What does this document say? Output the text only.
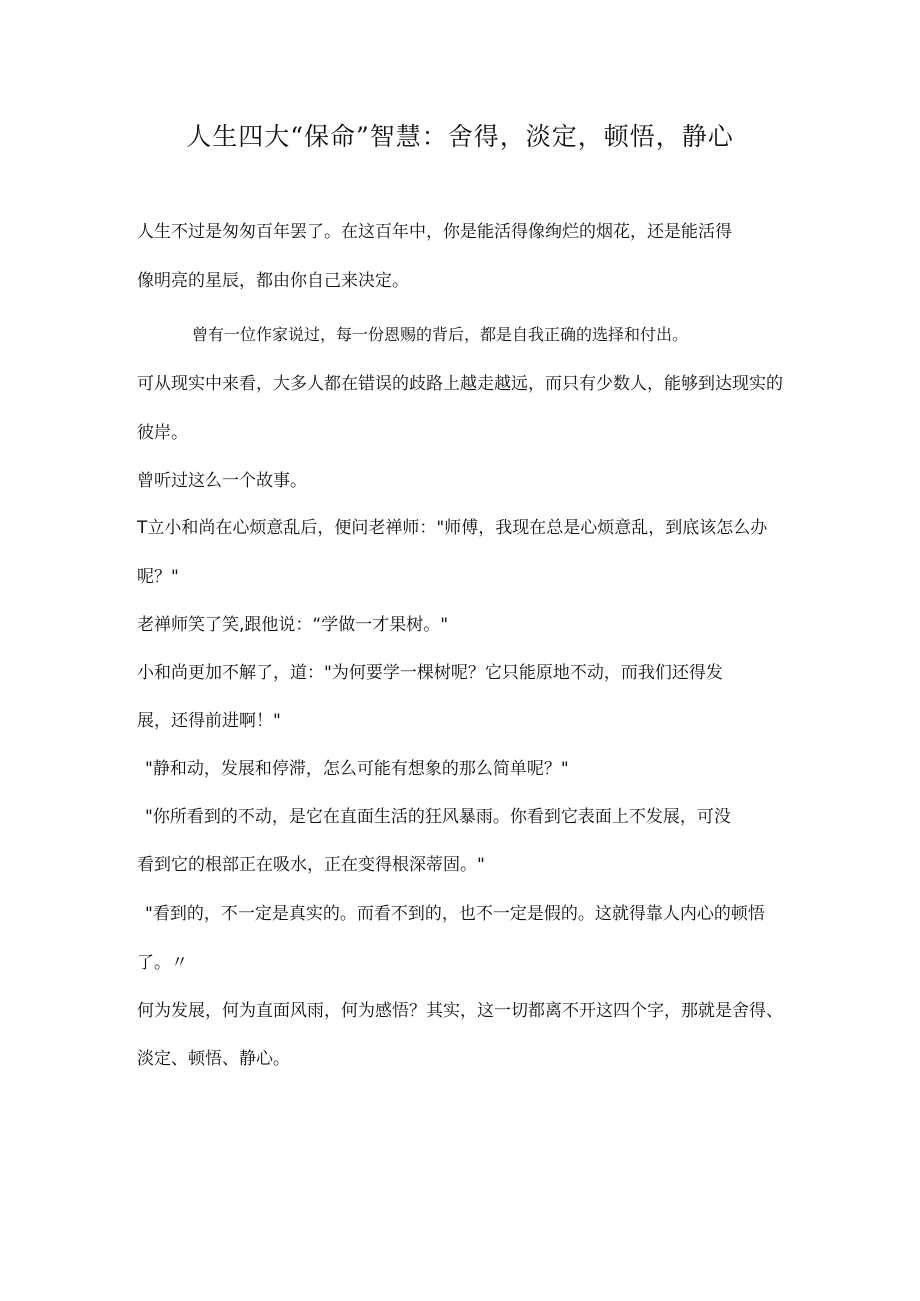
人生四大“保命”智慧：舍得，淡定，顿悟，静心
人生不过是匆匆百年罢了。在这百年中，你是能活得像绚烂的烟花，还是能活得
像明亮的星辰，都由你自己来决定。
曾有一位作家说过，每一份恩赐的背后，都是自我正确的选择和付出。
可从现实中来看，大多人都在错误的歧路上越走越远，而只有少数人，能够到达现实的
彼岸。
曾听过这么一个故事。
T立小和尚在心烦意乱后，便问老禅师："师傅，我现在总是心烦意乱，到底该怎么办
呢？"
老禅师笑了笑,跟他说：“学做一才果树。"
小和尚更加不解了，道："为何要学一棵树呢？它只能原地不动，而我们还得发
展，还得前进啊！"
"静和动，发展和停滞，怎么可能有想象的那么简单呢？"
"你所看到的不动，是它在直面生活的狂风暴雨。你看到它表面上不发展，可没
看到它的根部正在吸水，正在变得根深蒂固。"
"看到的，不一定是真实的。而看不到的，也不一定是假的。这就得靠人内心的顿悟
了。〃
何为发展，何为直面风雨，何为感悟？其实，这一切都离不开这四个字，那就是舍得、
淡定、顿悟、静心。
